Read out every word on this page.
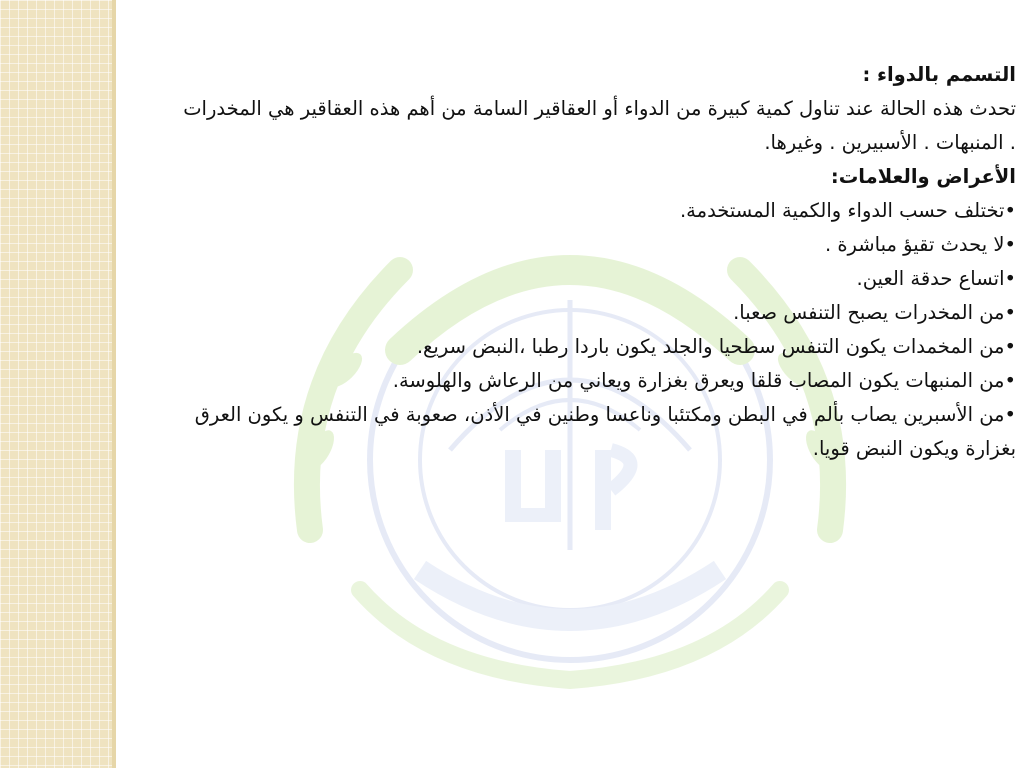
التسمم بالدواء :
تحدث هذه الحالة عند تناول كمية كبيرة من الدواء أو العقاقير السامة من أهم هذه العقاقير هي المخدرات . المنبهات . الأسبيرين . وغيرها.
الأعراض والعلامات:
•تختلف حسب الدواء والكمية المستخدمة.
•لا يحدث تقيؤ مباشرة .
•اتساع حدقة العين.
•من المخدرات يصبح التنفس صعبا.
•من المخمدات يكون التنفس سطحيا والجلد يكون باردا رطبا ،النبض سريع.
•من المنبهات يكون المصاب قلقا ويعرق بغزارة ويعاني من الرعاش والهلوسة.
•من الأسبرين يصاب بألم في البطن ومكتئبا وناعسا وطنين في الأذن، صعوبة في التنفس و يكون العرق بغزارة ويكون النبض قويا.
